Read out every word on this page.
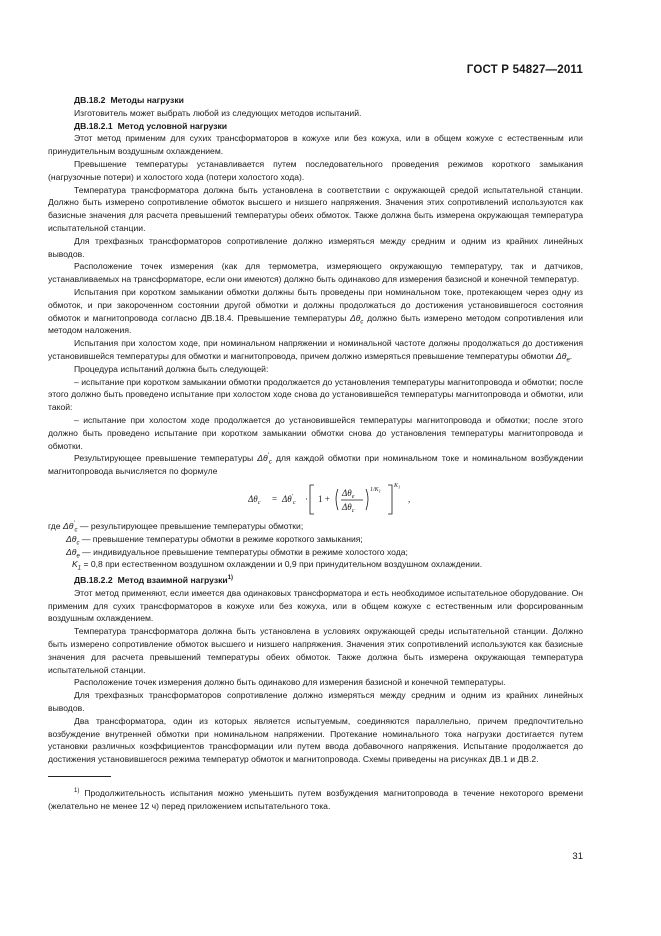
ГОСТ Р 54827—2011

ДВ.18.2 Методы нагрузки

Изготовитель может выбрать любой из следующих методов испытаний.

ДВ.18.2.1 Метод условной нагрузки

Этот метод применим для сухих трансформаторов в кожухе или без кожуха, или в общем кожухе с естественным или принудительным воздушным охлаждением.

Превышение температуры устанавливается путем последовательного проведения режимов короткого замыкания (нагрузочные потери) и холостого хода (потери холостого хода).

Температура трансформатора должна быть установлена в соответствии с окружающей средой испытательной станции. Должно быть измерено сопротивление обмоток высшего и низшего напряжения. Значения этих сопротивлений используются как базисные значения для расчета превышений температуры обеих обмоток. Также должна быть измерена окружающая температура испытательной станции.

Для трехфазных трансформаторов сопротивление должно измеряться между средним и одним из крайних линейных выводов.

Расположение точек измерения (как для термометра, измеряющего окружающую температуру, так и датчиков, устанавливаемых на трансформаторе, если они имеются) должно быть одинаково для измерения базисной и конечной температур.

Испытания при коротком замыкании обмотки должны быть проведены при номинальном токе, протекающем через одну из обмоток, и при закороченном состоянии другой обмотки и должны продолжаться до достижения установившегося состояния обмоток и магнитопровода согласно ДВ.18.4. Превышение температуры $\Delta\theta_c$ должно быть измерено методом сопротивления или методом наложения.

Испытания при холостом ходе, при номинальном напряжении и номинальной частоте должны продолжаться до достижения установившейся температуры для обмотки и магнитопровода, причем должно измеряться превышение температуры обмотки $\Delta\theta_e$.

Процедура испытаний должна быть следующей:

– испытание при коротком замыкании обмотки продолжается до установления температуры магнитопровода и обмотки; после этого должно быть проведено испытание при холостом ходе снова до установившейся температуры магнитопровода и обмотки, или такой:

– испытание при холостом ходе продолжается до установившейся температуры магнитопровода и обмотки; после этого должно быть проведено испытание при коротком замыкании обмотки снова до установления температуры магнитопровода и обмотки.

Результирующее превышение температуры $\Delta\theta'_c$ для каждой обмотки при номинальном токе и номинальном возбуждении магнитопровода вычисляется по формуле

$\Delta\theta_c = \Delta\theta'_c \cdot 1$ +
$\Delta\theta_e$
$\Delta\theta_c$
$1/K_1$
$K_1$
,

где $\Delta\theta'_c$ — результирующее превышение температуры обмотки;

$\Delta\theta_c$ — превышение температуры обмотки в режиме короткого замыкания;

$\Delta\theta_e$ — индивидуальное превышение температуры обмотки в режиме холостого хода;

$K_1 = 0,8$ при естественном воздушном охлаждении и 0,9 при принудительном воздушном охлаждении.

ДВ.18.2.2 Метод взаимной нагрузки$^{1)}$

Этот метод применяют, если имеется два одинаковых трансформатора и есть необходимое испытательное оборудование. Он применим для сухих трансформаторов в кожухе или без кожуха, или в общем кожухе с естественным или форсированным воздушным охлаждением.

Температура трансформатора должна быть установлена в условиях окружающей среды испытательной станции. Должно быть измерено сопротивление обмоток высшего и низшего напряжения. Значения этих сопротивлений используются как базисные значения для расчета превышений температуры обеих обмоток. Также должна быть измерена окружающая температура испытательной станции.

Расположение точек измерения должно быть одинаково для измерения базисной и конечной температуры.

Для трехфазных трансформаторов сопротивление должно измеряться между средним и одним из крайних линейных выводов.

Два трансформатора, один из которых является испытуемым, соединяются параллельно, причем предпочтительно возбуждение внутренней обмотки при номинальном напряжении. Протекание номинального тока нагрузки достигается путем установки различных коэффициентов трансформации или путем ввода добавочного напряжения. Испытание продолжается до достижения установившегося режима температур обмоток и магнитопровода. Схемы приведены на рисунках ДВ.1 и ДВ.2.

$^{1)}$ Продолжительность испытания можно уменьшить путем возбуждения магнитопровода в течение некоторого времени (желательно не менее 12 ч) перед приложением испытательного тока.

31
